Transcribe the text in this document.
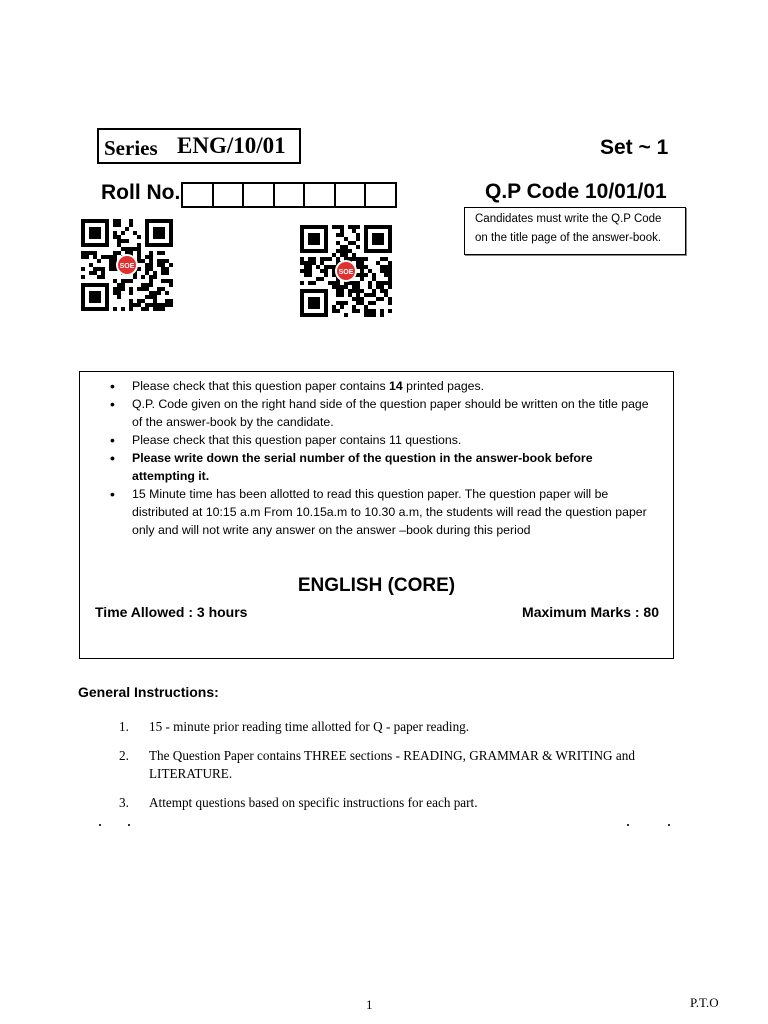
Series ENG/10/01	Set ~ 1
Roll No.	Q.P Code 10/01/01
Candidates must write the Q.P Code
on the title page of the answer-book.
SOE
SOE
• Please check that this question paper contains 14 printed pages.
• Q.P. Code given on the right hand side of the question paper should be written on the title page of the answer-book by the candidate.
• Please check that this question paper contains 11 questions.
• Please write down the serial number of the question in the answer-book before attempting it.
• 15 Minute time has been allotted to read this question paper. The question paper will be distributed at 10:15 a.m From 10.15a.m to 10.30 a.m, the students will read the question paper only and will not write any answer on the answer –book during this period
ENGLISH (CORE)
Time Allowed : 3 hours	Maximum Marks : 80
General Instructions:
1. 15 - minute prior reading time allotted for Q - paper reading.
2. The Question Paper contains THREE sections - READING, GRAMMAR & WRITING and LITERATURE.
3. Attempt questions based on specific instructions for each part.
1	P.T.O
